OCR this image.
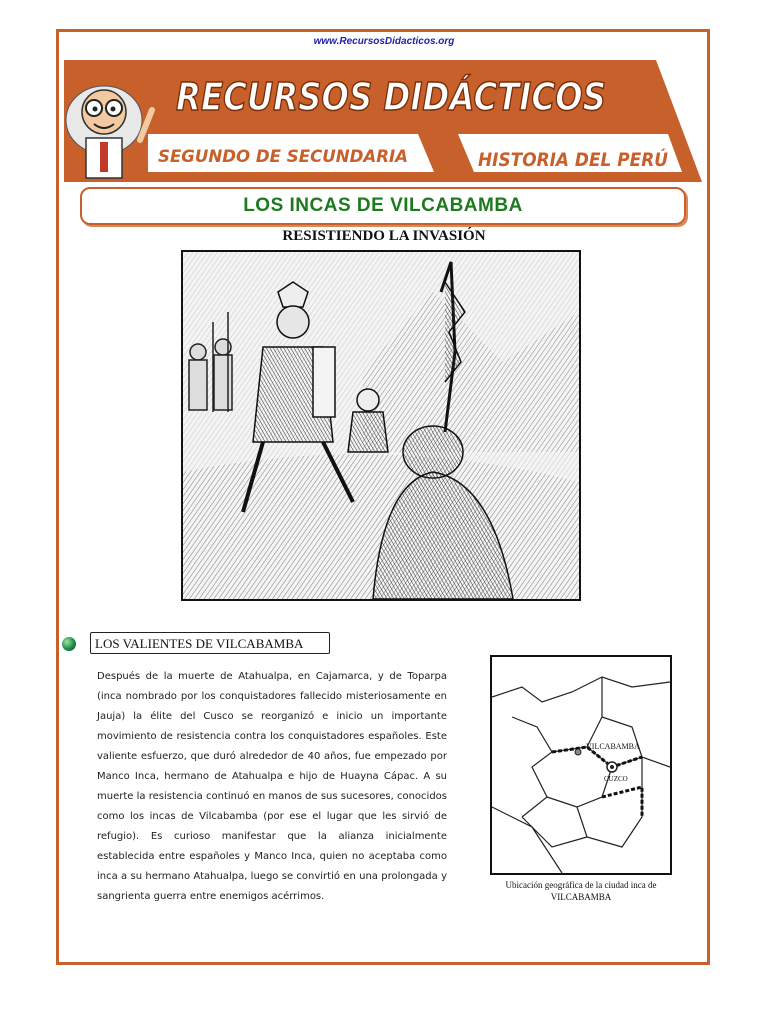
www.RecursosDidacticos.org
RECURSOS DIDÁCTICOS
SEGUNDO DE SECUNDARIA	HISTORIA DEL PERÚ
LOS INCAS DE VILCABAMBA
RESISTIENDO LA INVASIÓN
LOS VALIENTES DE VILCABAMBA

Después de la muerte de Atahualpa, en Cajamarca, y de Toparpa (inca nombrado por los conquistadores fallecido misteriosamente en Jauja) la élite del Cusco se reorganizó e inicio un importante movimiento de resistencia contra los conquistadores españoles. Este valiente esfuerzo, que duró alrededor de 40 años, fue empezado por Manco Inca, hermano de Atahualpa e hijo de Huayna Cápac. A su muerte la resistencia continuó en manos de sus sucesores, conocidos como los incas de Vilcabamba (por ese el lugar que les sirvió de refugio). Es curioso manifestar que la alianza inicialmente establecida entre españoles y Manco Inca, quien no aceptaba como inca a su hermano Atahualpa, luego se convirtió en una prolongada y sangrienta guerra entre enemigos acérrimos.

VILCABAMBA
CUZCO
Ubicación geográfica de la ciudad inca de
VILCABAMBA
